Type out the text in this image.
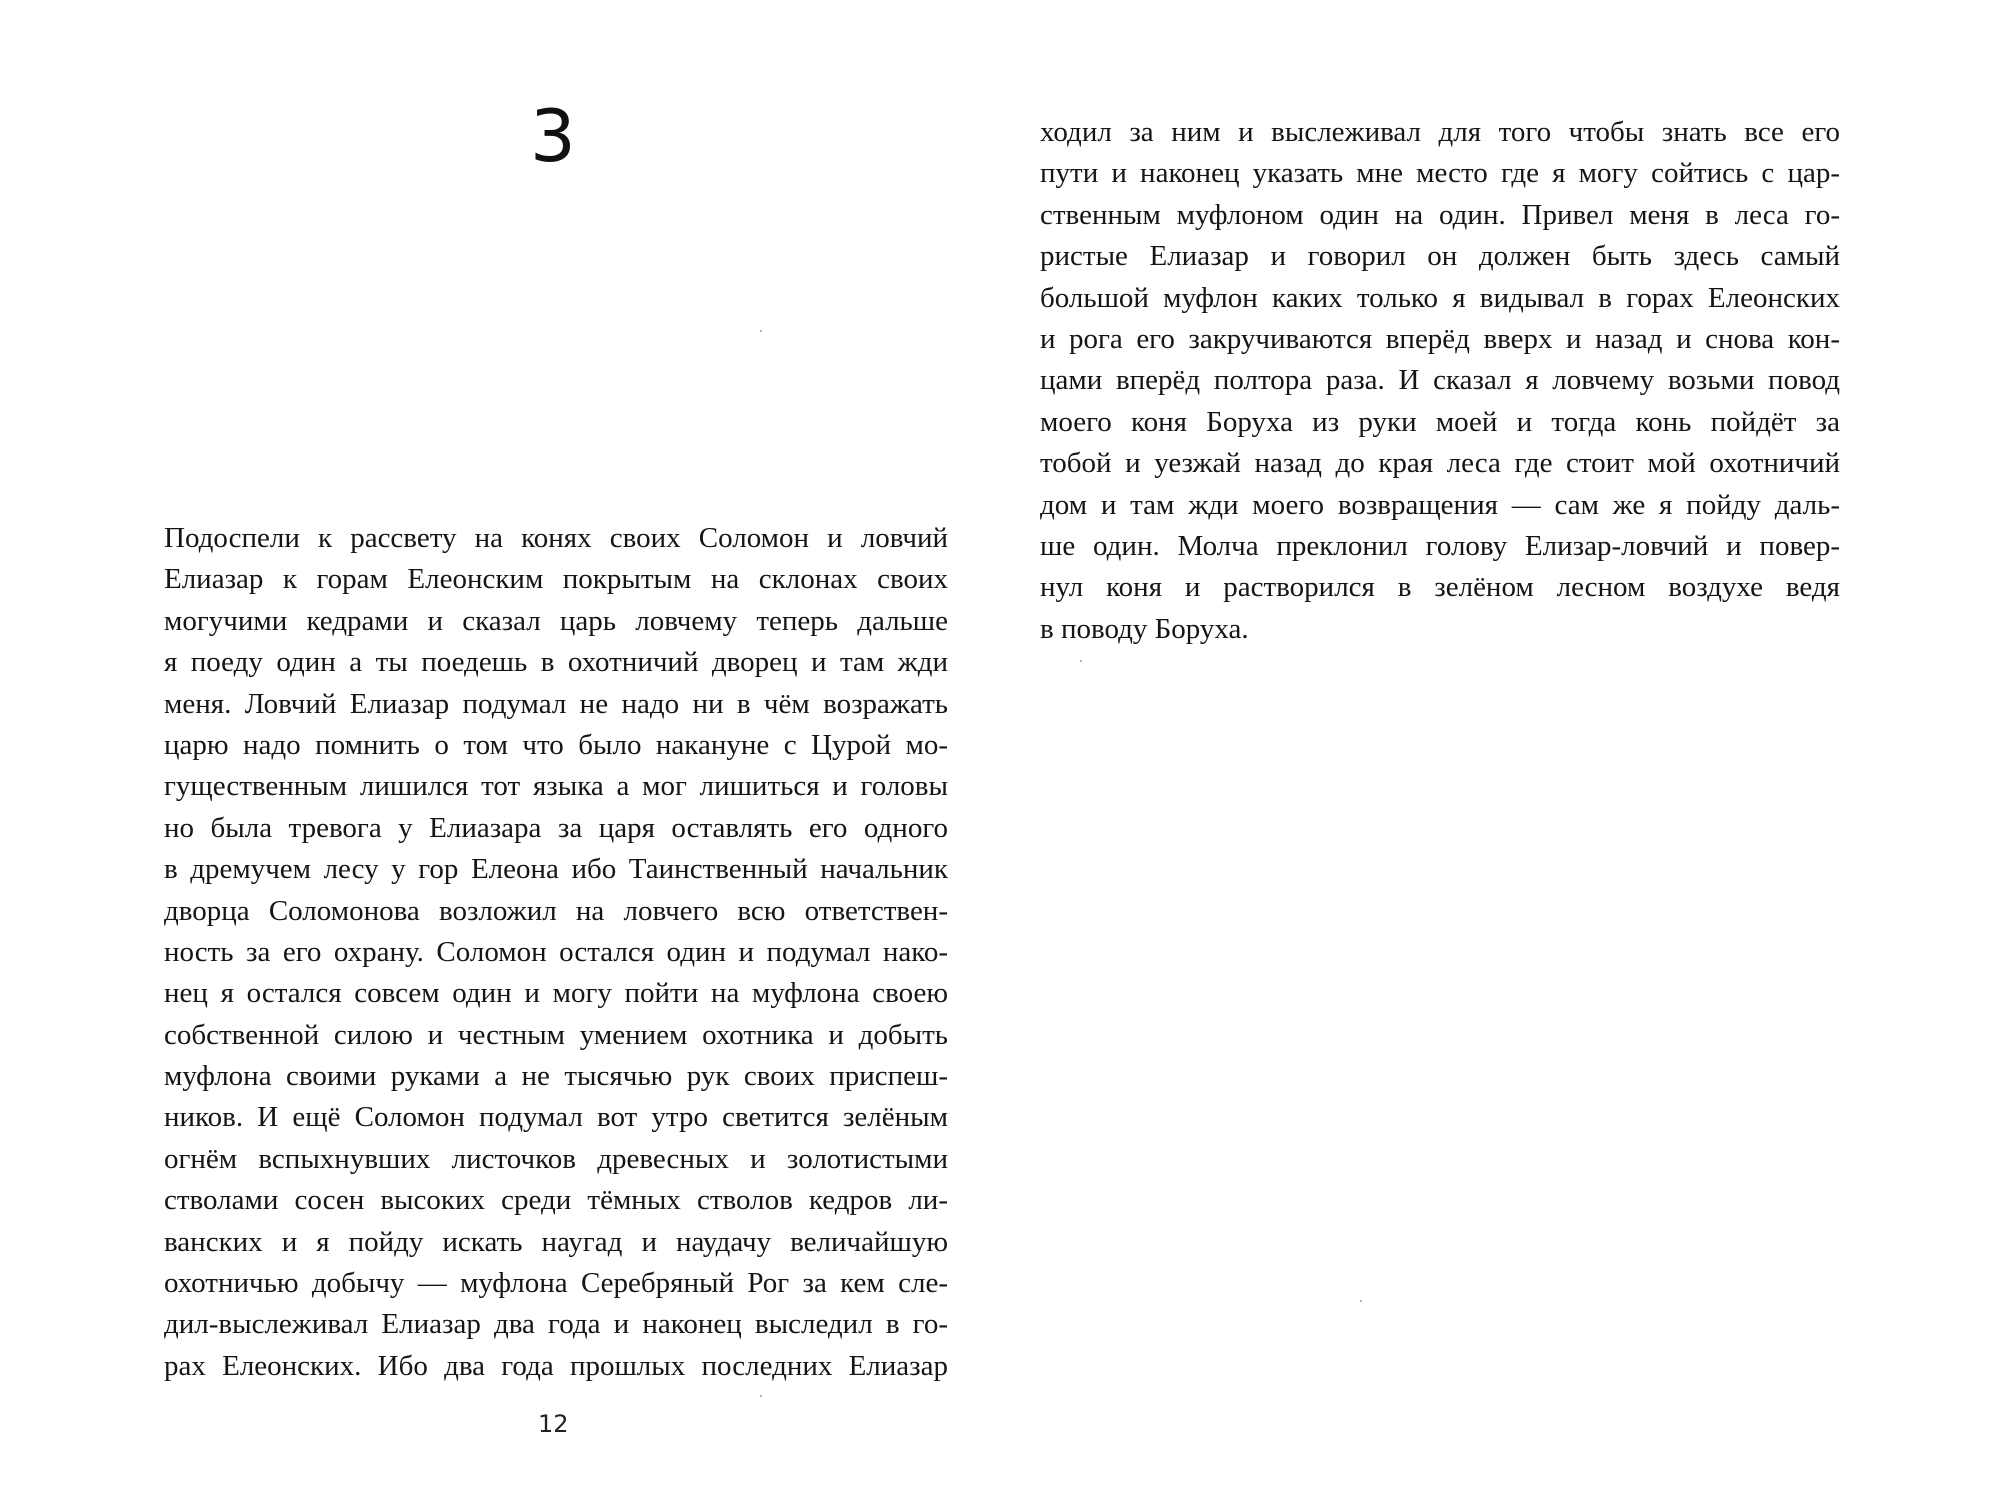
3
Подоспели к рассвету на конях своих Соломон и ловчий
Елиазар к горам Елеонским покрытым на склонах своих
могучими кедрами и сказал царь ловчему теперь дальше
я поеду один а ты поедешь в охотничий дворец и там жди
меня. Ловчий Елиазар подумал не надо ни в чём возражать
царю надо помнить о том что было накануне с Цурой мо-
гущественным лишился тот языка а мог лишиться и головы
но была тревога у Елиазара за царя оставлять его одного
в дремучем лесу у гор Елеона ибо Таинственный начальник
дворца Соломонова возложил на ловчего всю ответствен-
ность за его охрану. Соломон остался один и подумал нако-
нец я остался совсем один и могу пойти на муфлона своею
собственной силою и честным умением охотника и добыть
муфлона своими руками а не тысячью рук своих приспеш-
ников. И ещё Соломон подумал вот утро светится зелёным
огнём вспыхнувших листочков древесных и золотистыми
стволами сосен высоких среди тёмных стволов кедров ли-
ванских и я пойду искать наугад и наудачу величайшую
охотничью добычу — муфлона Серебряный Рог за кем сле-
дил-выслеживал Елиазар два года и наконец выследил в го-
рах Елеонских. Ибо два года прошлых последних Елиазар
12
ходил за ним и выслеживал для того чтобы знать все его
пути и наконец указать мне место где я могу сойтись с цар-
ственным муфлоном один на один. Привел меня в леса го-
ристые Елиазар и говорил он должен быть здесь самый
большой муфлон каких только я видывал в горах Елеонских
и рога его закручиваются вперёд вверх и назад и снова кон-
цами вперёд полтора раза. И сказал я ловчему возьми повод
моего коня Боруха из руки моей и тогда конь пойдёт за
тобой и уезжай назад до края леса где стоит мой охотничий
дом и там жди моего возвращения — сам же я пойду даль-
ше один. Молча преклонил голову Елизар-ловчий и повер-
нул коня и растворился в зелёном лесном воздухе ведя
в поводу Боруха.
